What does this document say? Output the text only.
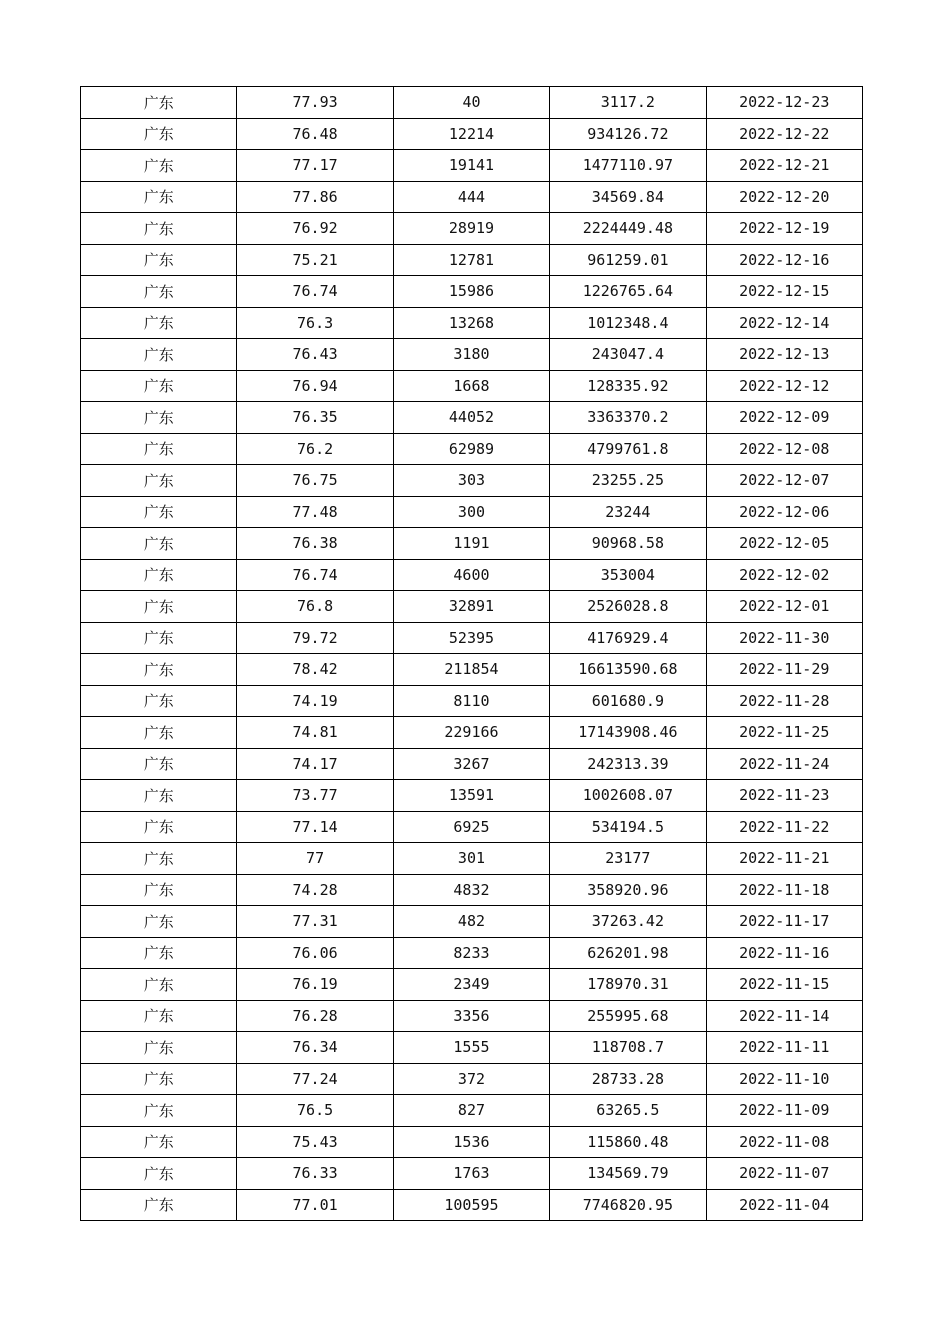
广东	77.93	40	3117.2	2022-12-23
广东	76.48	12214	934126.72	2022-12-22
广东	77.17	19141	1477110.97	2022-12-21
广东	77.86	444	34569.84	2022-12-20
广东	76.92	28919	2224449.48	2022-12-19
广东	75.21	12781	961259.01	2022-12-16
广东	76.74	15986	1226765.64	2022-12-15
广东	76.3	13268	1012348.4	2022-12-14
广东	76.43	3180	243047.4	2022-12-13
广东	76.94	1668	128335.92	2022-12-12
广东	76.35	44052	3363370.2	2022-12-09
广东	76.2	62989	4799761.8	2022-12-08
广东	76.75	303	23255.25	2022-12-07
广东	77.48	300	23244	2022-12-06
广东	76.38	1191	90968.58	2022-12-05
广东	76.74	4600	353004	2022-12-02
广东	76.8	32891	2526028.8	2022-12-01
广东	79.72	52395	4176929.4	2022-11-30
广东	78.42	211854	16613590.68	2022-11-29
广东	74.19	8110	601680.9	2022-11-28
广东	74.81	229166	17143908.46	2022-11-25
广东	74.17	3267	242313.39	2022-11-24
广东	73.77	13591	1002608.07	2022-11-23
广东	77.14	6925	534194.5	2022-11-22
广东	77	301	23177	2022-11-21
广东	74.28	4832	358920.96	2022-11-18
广东	77.31	482	37263.42	2022-11-17
广东	76.06	8233	626201.98	2022-11-16
广东	76.19	2349	178970.31	2022-11-15
广东	76.28	3356	255995.68	2022-11-14
广东	76.34	1555	118708.7	2022-11-11
广东	77.24	372	28733.28	2022-11-10
广东	76.5	827	63265.5	2022-11-09
广东	75.43	1536	115860.48	2022-11-08
广东	76.33	1763	134569.79	2022-11-07
广东	77.01	100595	7746820.95	2022-11-04
